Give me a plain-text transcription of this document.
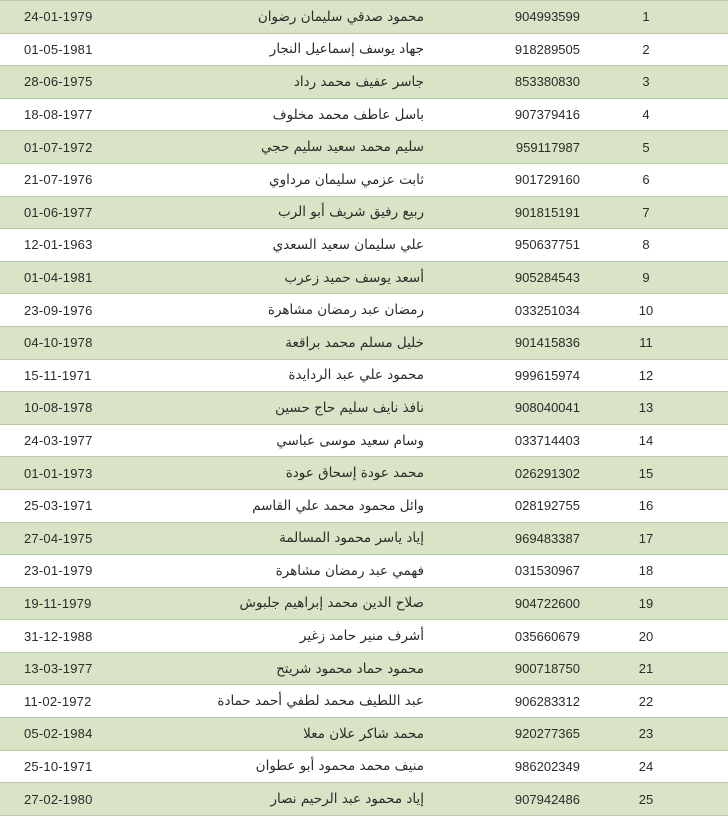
24-01-1979	محمود صدقي سليمان رضوان	904993599	1
01-05-1981	جهاد يوسف إسماعيل النجار	918289505	2
28-06-1975	جاسر عفيف محمد رداد	853380830	3
18-08-1977	باسل عاطف محمد مخلوف	907379416	4
01-07-1972	سليم محمد سعيد سليم حجي	959117987	5
21-07-1976	ثابت عزمي سليمان مرداوي	901729160	6
01-06-1977	ربيع رفيق شريف أبو الرب	901815191	7
12-01-1963	علي سليمان سعيد السعدي	950637751	8
01-04-1981	أسعد يوسف حميد زعرب	905284543	9
23-09-1976	رمضان عبد رمضان مشاهرة	033251034	10
04-10-1978	خليل مسلم محمد براقعة	901415836	11
15-11-1971	محمود علي عبد الردايدة	999615974	12
10-08-1978	نافذ نايف سليم حاج حسين	908040041	13
24-03-1977	وسام سعيد موسى عباسي	033714403	14
01-01-1973	محمد عودة إسحاق عودة	026291302	15
25-03-1971	وائل محمود محمد علي القاسم	028192755	16
27-04-1975	إياد ياسر محمود المسالمة	969483387	17
23-01-1979	فهمي عبد رمضان مشاهرة	031530967	18
19-11-1979	صلاح الدين محمد إبراهيم جلبوش	904722600	19
31-12-1988	أشرف منير حامد زغير	035660679	20
13-03-1977	محمود حماد محمود شريتح	900718750	21
11-02-1972	عبد اللطيف محمد لطفي أحمد حمادة	906283312	22
05-02-1984	محمد شاكر علان معلا	920277365	23
25-10-1971	منيف محمد محمود أبو عطوان	986202349	24
27-02-1980	إياد محمود عبد الرحيم نصار	907942486	25
